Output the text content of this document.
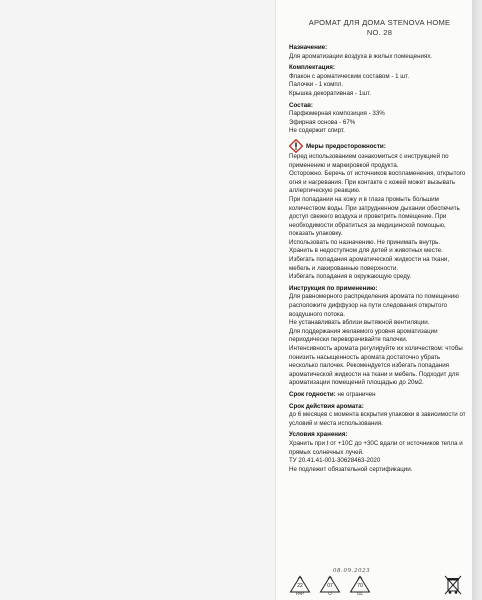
АРОМАТ ДЛЯ ДОМА STENOVA HOME
NO. 28
Назначение:
Для ароматизации воздуха в жилых помещениях.
Комплектация:
Флакон с ароматическим составом - 1 шт.
Палочки - 1 компл.
Крышка декоративная - 1шт.
Состав:
Парфюмерная композиция - 33%
Эфирная основа - 67%
Не содержит спирт.
Меры предосторожности:
Перед использованием ознакомиться с инструкцией по применению и маркировкой продукта.
Осторожно. Беречь от источников воспламенения, открытого огня и нагревания. При контакте с кожей может вызывать аллергическую реакцию.
При попадании на кожу и в глаза промыть большим количеством воды. При затрудненном дыхании обеспечить доступ свежего воздуха и проветрить помещение. При необходимости обратиться за медицинской помощью, показать упаковку.
Использовать по назначению. Не принимать внутрь.
Хранить в недоступном для детей и животных месте.
Избегать попадания ароматической жидкости на ткани, мебель и лакированные поверхности.
Избегать попадания в окружающую среду.
Инструкция по применению:
Для равномерного распределения аромата по помещению расположите диффузор на пути следования открытого воздушного потока.
Не устанавливать вблизи вытяжной вентиляции.
Для поддержания желаемого уровня ароматизации периодически переворачивайте палочки.
Интенсивность аромата регулируйте их количеством: чтобы понизить насыщенность аромата достаточно убрать несколько палочек. Рекомендуется избегать попадания ароматической жидкости на ткани и мебель. Подходит для ароматизации помещений площадью до 20м2.
Срок годности: не ограничен
Срок действия аромата:
до 6 месяцев с момента вскрытия упаковки в зависимости от условий и места использования.
Условия хранения:
Хранить при t от +10С до +30С вдали от источников тепла и прямых солнечных лучей.
ТУ 20.41.41-001-30628463-2020
Не подлежит обязательной сертификации.
08.09.2023
22
PAP
07
O
70
GL
